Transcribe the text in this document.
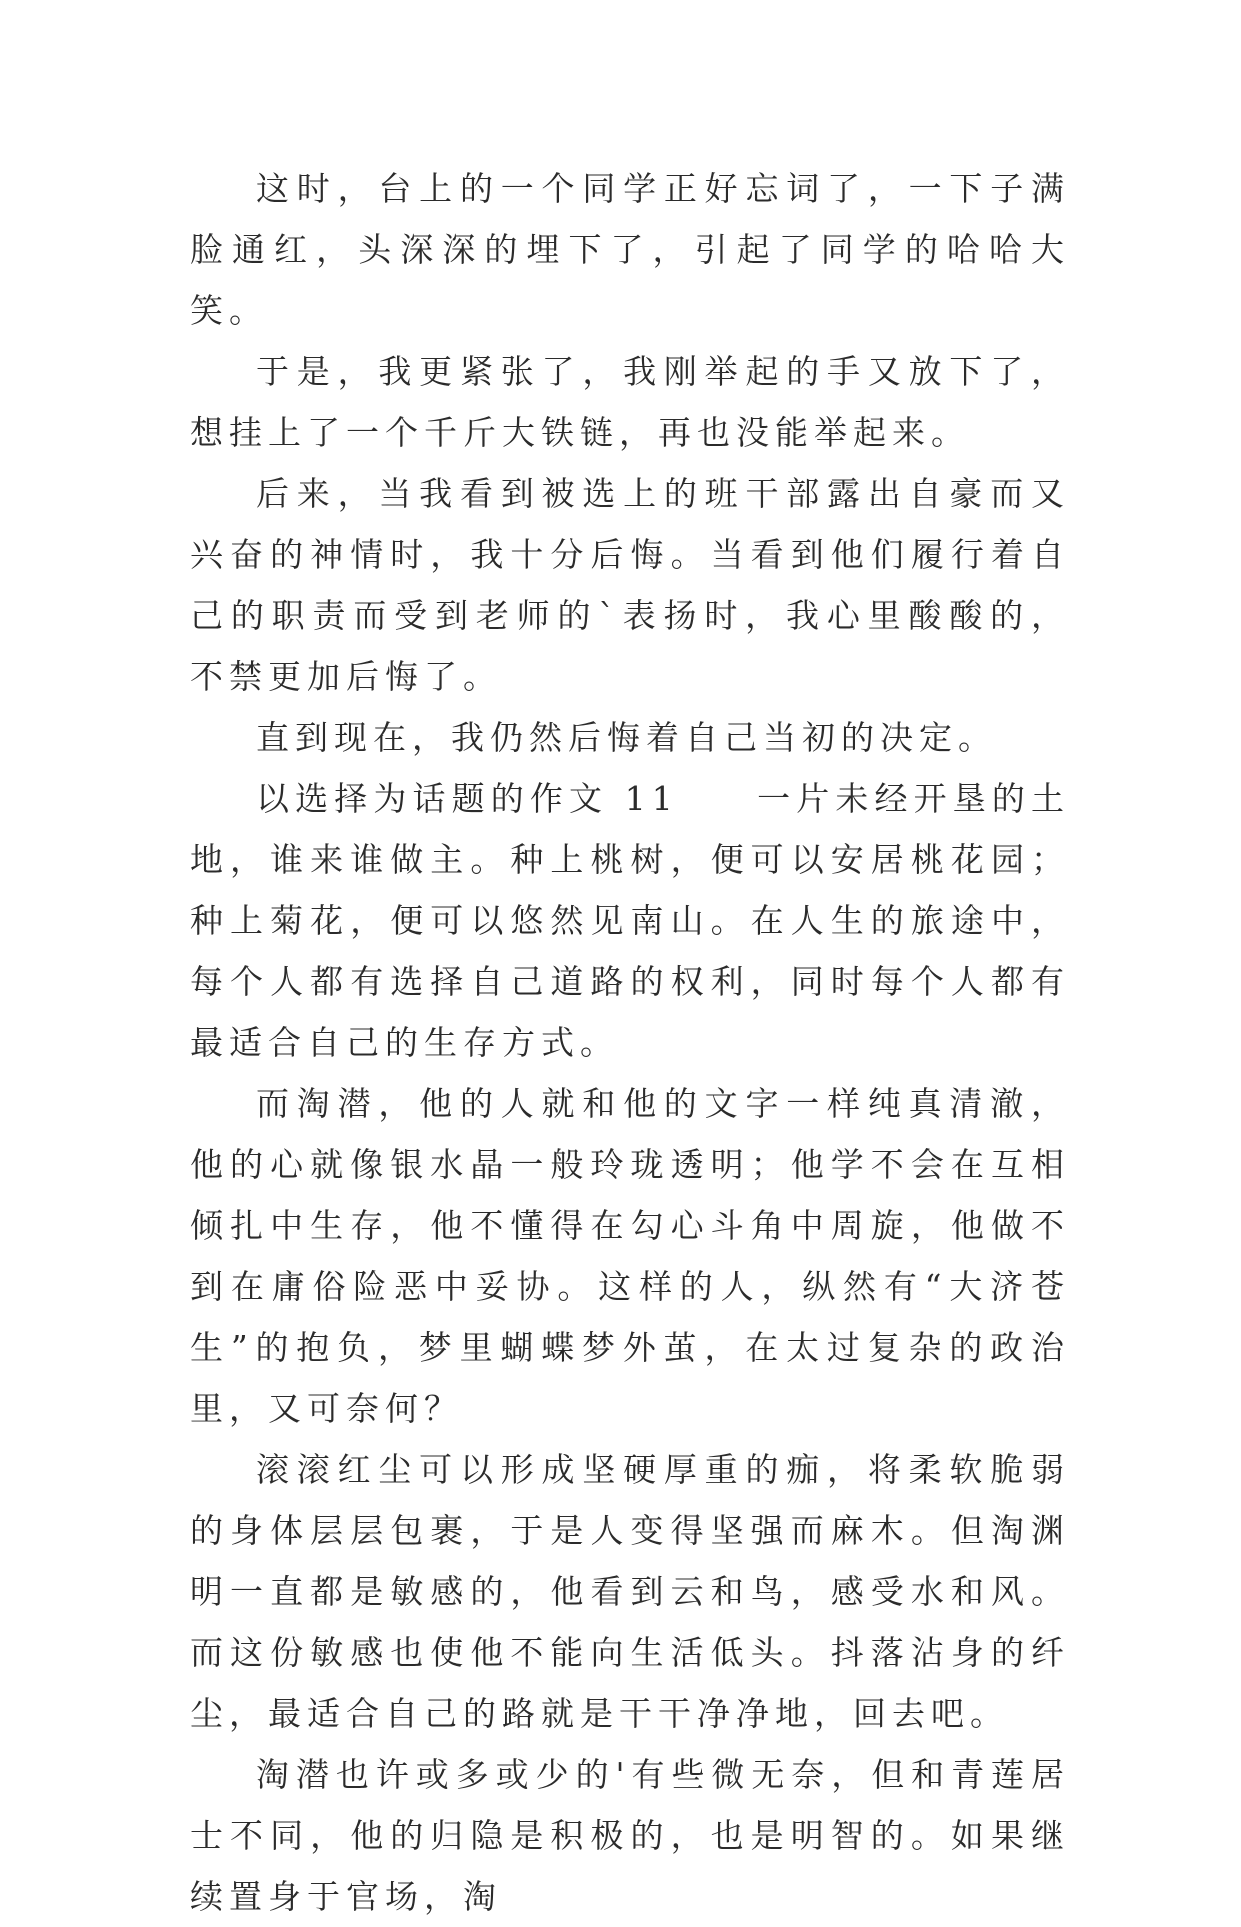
这时，台上的一个同学正好忘词了，一下子满脸通红，头深深的埋下了，引起了同学的哈哈大笑。

于是，我更紧张了，我刚举起的手又放下了，想挂上了一个千斤大铁链，再也没能举起来。

后来，当我看到被选上的班干部露出自豪而又兴奋的神情时，我十分后悔。当看到他们履行着自己的职责而受到老师的`表扬时，我心里酸酸的，不禁更加后悔了。

直到现在，我仍然后悔着自己当初的决定。

以选择为话题的作文 11　　一片未经开垦的土地，谁来谁做主。种上桃树，便可以安居桃花园；种上菊花，便可以悠然见南山。在人生的旅途中，每个人都有选择自己道路的权利，同时每个人都有最适合自己的生存方式。

而淘潜，他的人就和他的文字一样纯真清澈，他的心就像银水晶一般玲珑透明；他学不会在互相倾扎中生存，他不懂得在勾心斗角中周旋，他做不到在庸俗险恶中妥协。这样的人，纵然有“大济苍生”的抱负，梦里蝴蝶梦外茧，在太过复杂的政治里，又可奈何？

滚滚红尘可以形成坚硬厚重的痂，将柔软脆弱的身体层层包裹，于是人变得坚强而麻木。但淘渊明一直都是敏感的，他看到云和鸟，感受水和风。而这份敏感也使他不能向生活低头。抖落沾身的纤尘，最适合自己的路就是干干净净地，回去吧。

淘潜也许或多或少的'有些微无奈，但和青莲居士不同，他的归隐是积极的，也是明智的。如果继续置身于官场，淘
